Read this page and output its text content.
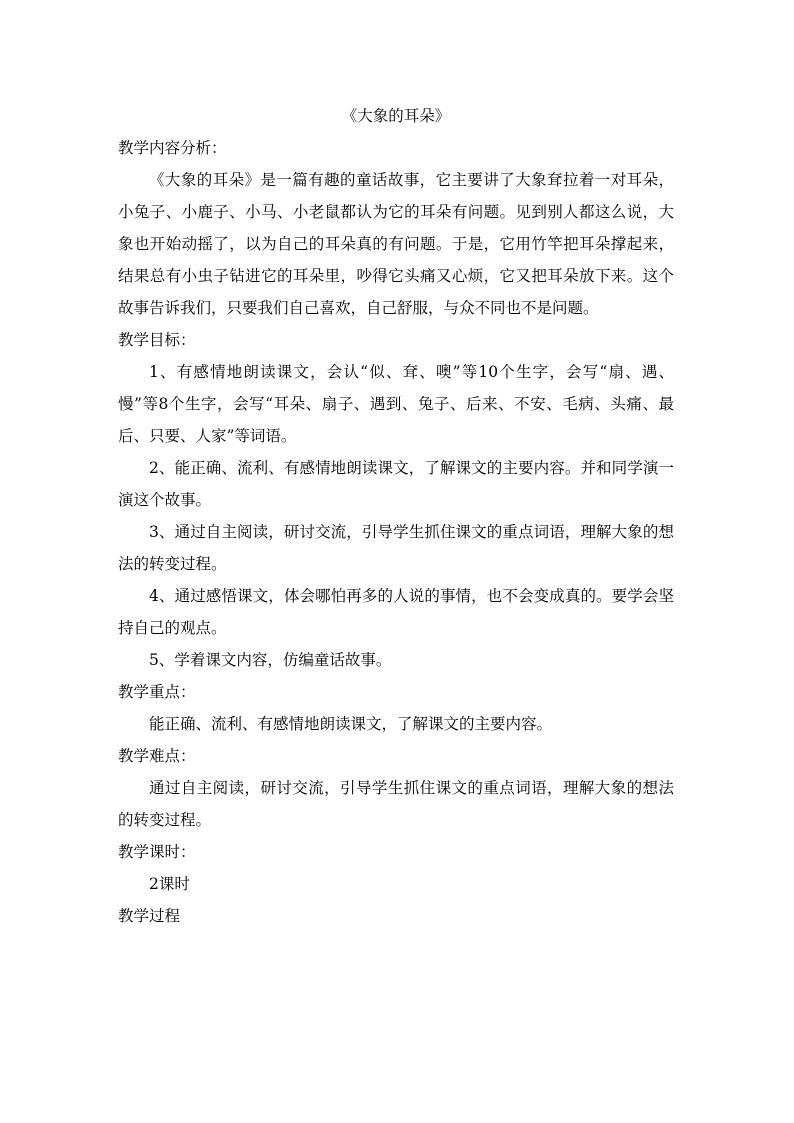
《大象的耳朵》

教学内容分析：

《大象的耳朵》是一篇有趣的童话故事，它主要讲了大象耷拉着一对耳朵，小兔子、小鹿子、小马、小老鼠都认为它的耳朵有问题。见到别人都这么说，大象也开始动摇了，以为自己的耳朵真的有问题。于是，它用竹竿把耳朵撑起来，结果总有小虫子钻进它的耳朵里，吵得它头痛又心烦，它又把耳朵放下来。这个故事告诉我们，只要我们自己喜欢，自己舒服，与众不同也不是问题。

教学目标：

1、有感情地朗读课文，会认“似、耷、噢”等10个生字，会写“扇、遇、慢”等8个生字，会写“耳朵、扇子、遇到、兔子、后来、不安、毛病、头痛、最后、只要、人家”等词语。

2、能正确、流利、有感情地朗读课文，了解课文的主要内容。并和同学演一演这个故事。

3、通过自主阅读，研讨交流，引导学生抓住课文的重点词语，理解大象的想法的转变过程。

4、通过感悟课文，体会哪怕再多的人说的事情，也不会变成真的。要学会坚持自己的观点。

5、学着课文内容，仿编童话故事。

教学重点：

能正确、流利、有感情地朗读课文，了解课文的主要内容。

教学难点：

通过自主阅读，研讨交流，引导学生抓住课文的重点词语，理解大象的想法的转变过程。

教学课时：

2课时

教学过程
